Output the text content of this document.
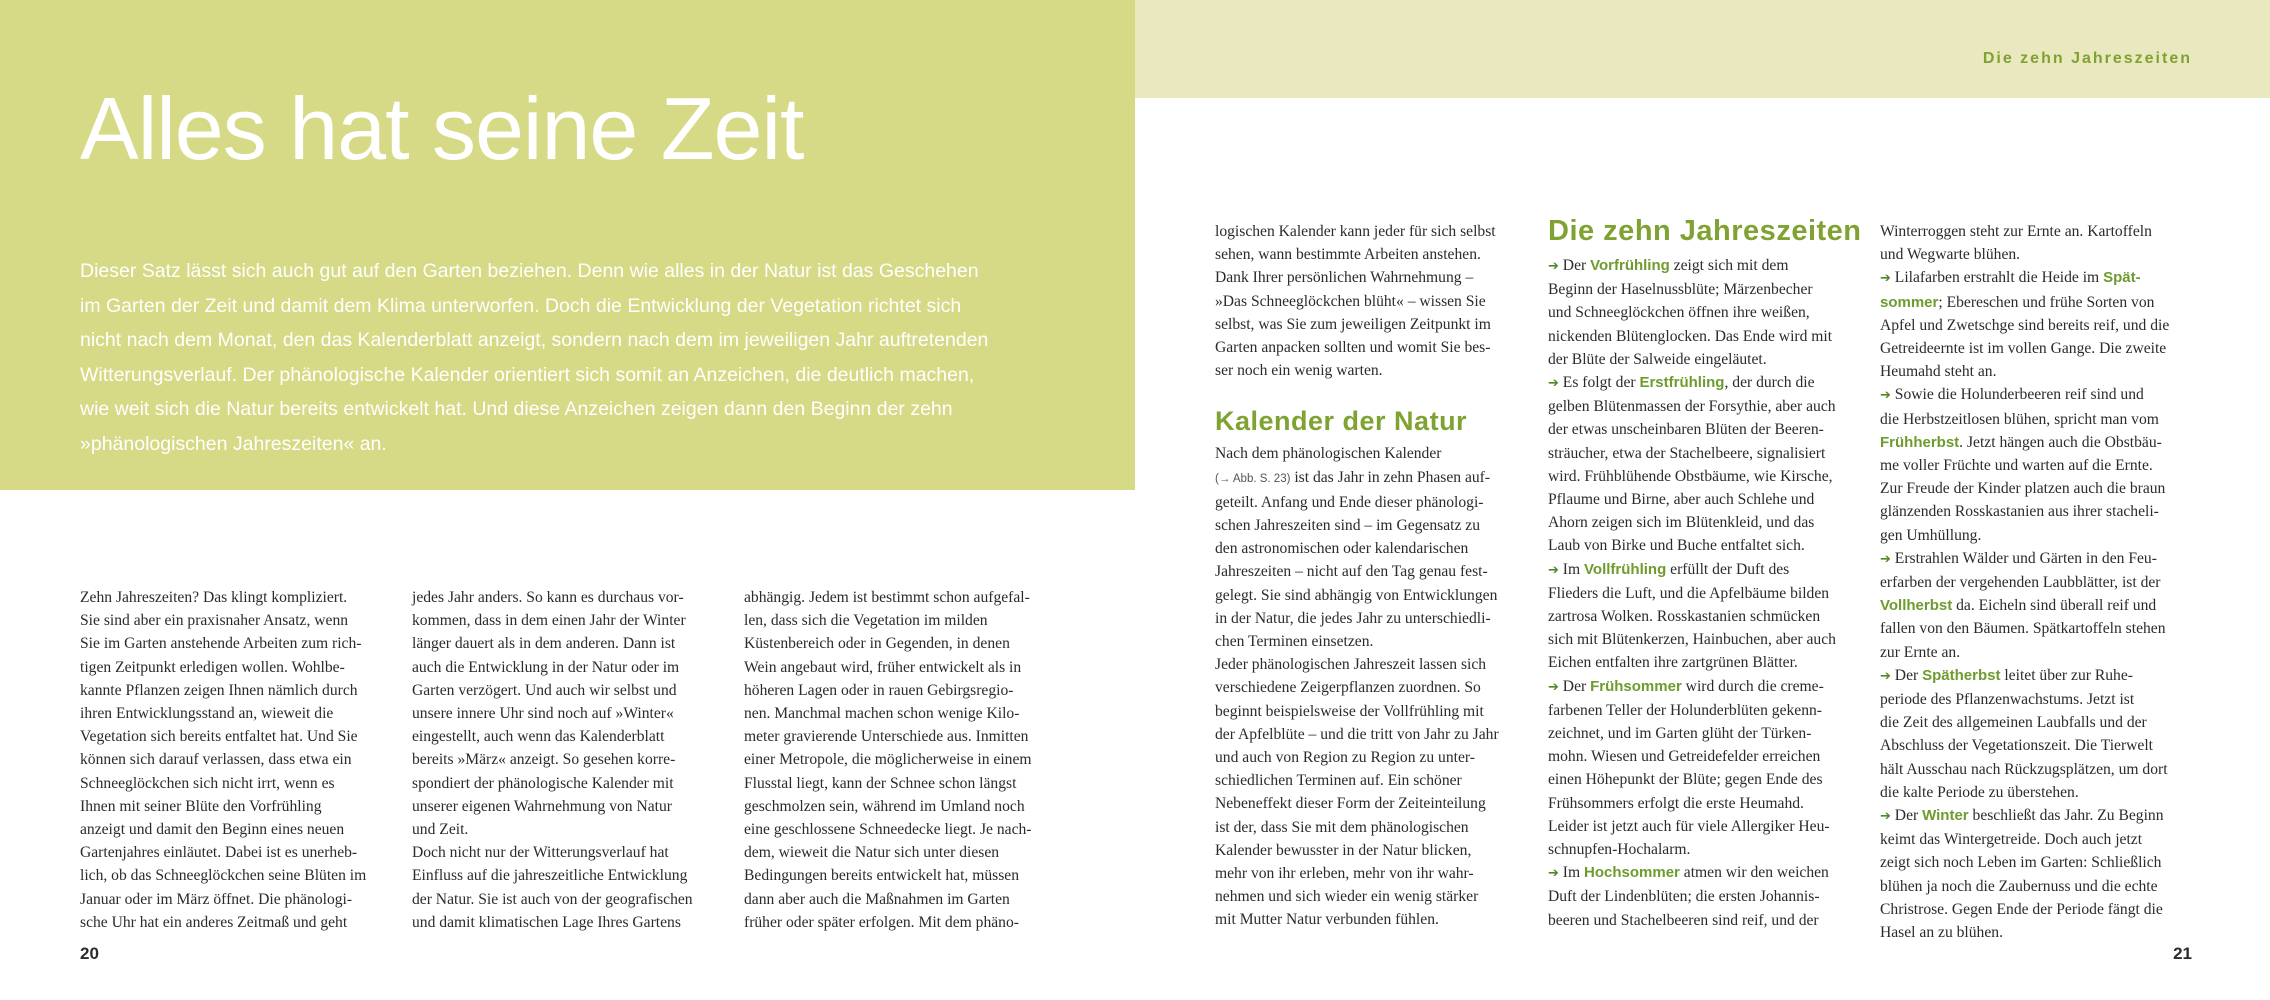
Alles hat seine Zeit
Dieser Satz lässt sich auch gut auf den Garten beziehen. Denn wie alles in der Natur ist das Geschehen
im Garten der Zeit und damit dem Klima unterworfen. Doch die Entwicklung der Vegetation richtet sich
nicht nach dem Monat, den das Kalenderblatt anzeigt, sondern nach dem im jeweiligen Jahr auftretenden
Witterungsverlauf. Der phänologische Kalender orientiert sich somit an Anzeichen, die deutlich machen,
wie weit sich die Natur bereits entwickelt hat. Und diese Anzeichen zeigen dann den Beginn der zehn
»phänologischen Jahreszeiten« an.

Zehn Jahreszeiten? Das klingt kompliziert.

Sie sind aber ein praxisnaher Ansatz, wenn

Sie im Garten anstehende Arbeiten zum rich-

tigen Zeitpunkt erledigen wollen. Wohlbe-

kannte Pflanzen zeigen Ihnen nämlich durch

ihren Entwicklungsstand an, wieweit die

Vegetation sich bereits entfaltet hat. Und Sie

können sich darauf verlassen, dass etwa ein

Schneeglöckchen sich nicht irrt, wenn es

Ihnen mit seiner Blüte den Vorfrühling

anzeigt und damit den Beginn eines neuen

Gartenjahres einläutet. Dabei ist es unerheb-

lich, ob das Schneeglöckchen seine Blüten im

Januar oder im März öffnet. Die phänologi-

sche Uhr hat ein anderes Zeitmaß und geht

jedes Jahr anders. So kann es durchaus vor-

kommen, dass in dem einen Jahr der Winter

länger dauert als in dem anderen. Dann ist

auch die Entwicklung in der Natur oder im

Garten verzögert. Und auch wir selbst und

unsere innere Uhr sind noch auf »Winter«

eingestellt, auch wenn das Kalenderblatt

bereits »März« anzeigt. So gesehen korre-

spondiert der phänologische Kalender mit

unserer eigenen Wahrnehmung von Natur

und Zeit.

Doch nicht nur der Witterungsverlauf hat

Einfluss auf die jahreszeitliche Entwicklung

der Natur. Sie ist auch von der geografischen

und damit klimatischen Lage Ihres Gartens

abhängig. Jedem ist bestimmt schon aufgefal-

len, dass sich die Vegetation im milden

Küstenbereich oder in Gegenden, in denen

Wein angebaut wird, früher entwickelt als in

höheren Lagen oder in rauen Gebirgsregio-

nen. Manchmal machen schon wenige Kilo-

meter gravierende Unterschiede aus. Inmitten

einer Metropole, die möglicherweise in einem

Flusstal liegt, kann der Schnee schon längst

geschmolzen sein, während im Umland noch

eine geschlossene Schneedecke liegt. Je nach-

dem, wieweit die Natur sich unter diesen

Bedingungen bereits entwickelt hat, müssen

dann aber auch die Maßnahmen im Garten

früher oder später erfolgen. Mit dem phäno-

20

Die zehn Jahreszeiten

logischen Kalender kann jeder für sich selbst

sehen, wann bestimmte Arbeiten anstehen.

Dank Ihrer persönlichen Wahrnehmung –

»Das Schneeglöckchen blüht« – wissen Sie

selbst, was Sie zum jeweiligen Zeitpunkt im

Garten anpacken sollten und womit Sie bes-

ser noch ein wenig warten.

Kalender der Natur

Nach dem phänologischen Kalender

(→ Abb. S. 23) ist das Jahr in zehn Phasen auf-

geteilt. Anfang und Ende dieser phänologi-

schen Jahreszeiten sind – im Gegensatz zu

den astronomischen oder kalendarischen

Jahreszeiten – nicht auf den Tag genau fest-

gelegt. Sie sind abhängig von Entwicklungen

in der Natur, die jedes Jahr zu unterschiedli-

chen Terminen einsetzen.

Jeder phänologischen Jahreszeit lassen sich

verschiedene Zeigerpflanzen zuordnen. So

beginnt beispielsweise der Vollfrühling mit

der Apfelblüte – und die tritt von Jahr zu Jahr

und auch von Region zu Region zu unter-

schiedlichen Terminen auf. Ein schöner

Nebeneffekt dieser Form der Zeiteinteilung

ist der, dass Sie mit dem phänologischen

Kalender bewusster in der Natur blicken,

mehr von ihr erleben, mehr von ihr wahr-

nehmen und sich wieder ein wenig stärker

mit Mutter Natur verbunden fühlen.

Die zehn Jahreszeiten

➔ Der Vorfrühling zeigt sich mit dem

Beginn der Haselnussblüte; Märzenbecher

und Schneeglöckchen öffnen ihre weißen,

nickenden Blütenglocken. Das Ende wird mit

der Blüte der Salweide eingeläutet.

➔ Es folgt der Erstfrühling, der durch die

gelben Blütenmassen der Forsythie, aber auch

der etwas unscheinbaren Blüten der Beeren-

sträucher, etwa der Stachelbeere, signalisiert

wird. Frühblühende Obstbäume, wie Kirsche,

Pflaume und Birne, aber auch Schlehe und

Ahorn zeigen sich im Blütenkleid, und das

Laub von Birke und Buche entfaltet sich.

➔ Im Vollfrühling erfüllt der Duft des

Flieders die Luft, und die Apfelbäume bilden

zartrosa Wolken. Rosskastanien schmücken

sich mit Blütenkerzen, Hainbuchen, aber auch

Eichen entfalten ihre zartgrünen Blätter.

➔ Der Frühsommer wird durch die creme-

farbenen Teller der Holunderblüten gekenn-

zeichnet, und im Garten glüht der Türken-

mohn. Wiesen und Getreidefelder erreichen

einen Höhepunkt der Blüte; gegen Ende des

Frühsommers erfolgt die erste Heumahd.

Leider ist jetzt auch für viele Allergiker Heu-

schnupfen-Hochalarm.

➔ Im Hochsommer atmen wir den weichen

Duft der Lindenblüten; die ersten Johannis-

beeren und Stachelbeeren sind reif, und der

Winterroggen steht zur Ernte an. Kartoffeln

und Wegwarte blühen.

➔ Lilafarben erstrahlt die Heide im Spät-

sommer; Ebereschen und frühe Sorten von

Apfel und Zwetschge sind bereits reif, und die

Getreideernte ist im vollen Gange. Die zweite

Heumahd steht an.

➔ Sowie die Holunderbeeren reif sind und

die Herbstzeitlosen blühen, spricht man vom

Frühherbst. Jetzt hängen auch die Obstbäu-

me voller Früchte und warten auf die Ernte.

Zur Freude der Kinder platzen auch die braun

glänzenden Rosskastanien aus ihrer stacheli-

gen Umhüllung.

➔ Erstrahlen Wälder und Gärten in den Feu-

erfarben der vergehenden Laubblätter, ist der

Vollherbst da. Eicheln sind überall reif und

fallen von den Bäumen. Spätkartoffeln stehen

zur Ernte an.

➔ Der Spätherbst leitet über zur Ruhe-

periode des Pflanzenwachstums. Jetzt ist

die Zeit des allgemeinen Laubfalls und der

Abschluss der Vegetationszeit. Die Tierwelt

hält Ausschau nach Rückzugsplätzen, um dort

die kalte Periode zu überstehen.

➔ Der Winter beschließt das Jahr. Zu Beginn

keimt das Wintergetreide. Doch auch jetzt

zeigt sich noch Leben im Garten: Schließlich

blühen ja noch die Zaubernuss und die echte

Christrose. Gegen Ende der Periode fängt die

Hasel an zu blühen.

21
